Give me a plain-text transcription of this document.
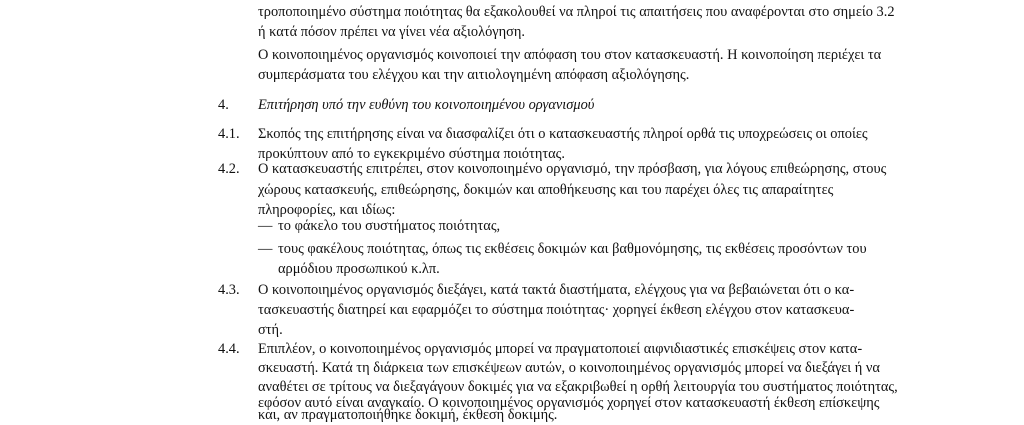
τροποποιημένο σύστημα ποιότητας θα εξακολουθεί να πληροί τις απαιτήσεις που αναφέρονται στο σημείο 3.2
ή κατά πόσον πρέπει να γίνει νέα αξιολόγηση.
Ο κοινοποιημένος οργανισμός κοινοποιεί την απόφαση του στον κατασκευαστή. Η κοινοποίηση περιέχει τα
συμπεράσματα του ελέγχου και την αιτιολογημένη απόφαση αξιολόγησης.
4. Επιτήρηση υπό την ευθύνη του κοινοποιημένου οργανισμού
4.1. Σκοπός της επιτήρησης είναι να διασφαλίζει ότι ο κατασκευαστής πληροί ορθά τις υποχρεώσεις οι οποίες
προκύπτουν από το εγκεκριμένο σύστημα ποιότητας.
4.2. Ο κατασκευαστής επιτρέπει, στον κοινοποιημένο οργανισμό, την πρόσβαση, για λόγους επιθεώρησης, στους
χώρους κατασκευής, επιθεώρησης, δοκιμών και αποθήκευσης και του παρέχει όλες τις απαραίτητες
πληροφορίες, και ιδίως:
— το φάκελο του συστήματος ποιότητας,
— τους φακέλους ποιότητας, όπως τις εκθέσεις δοκιμών και βαθμονόμησης, τις εκθέσεις προσόντων του
αρμόδιου προσωπικού κ.λπ.
4.3. Ο κοινοποιημένος οργανισμός διεξάγει, κατά τακτά διαστήματα, ελέγχους για να βεβαιώνεται ότι ο κα-
τασκευαστής διατηρεί και εφαρμόζει το σύστημα ποιότητας· χορηγεί έκθεση ελέγχου στον κατασκευα-
στή.
4.4. Επιπλέον, ο κοινοποιημένος οργανισμός μπορεί να πραγματοποιεί αιφνιδιαστικές επισκέψεις στον κατα-
σκευαστή. Κατά τη διάρκεια των επισκέψεων αυτών, ο κοινοποιημένος οργανισμός μπορεί να διεξάγει ή να
αναθέτει σε τρίτους να διεξαγάγουν δοκιμές για να εξακριβωθεί η ορθή λειτουργία του συστήματος ποιότητας,
εφόσον αυτό είναι αναγκαίο. Ο κοινοποιημένος οργανισμός χορηγεί στον κατασκευαστή έκθεση επίσκεψης
και, αν πραγματοποιήθηκε δοκιμή, έκθεση δοκιμής.
